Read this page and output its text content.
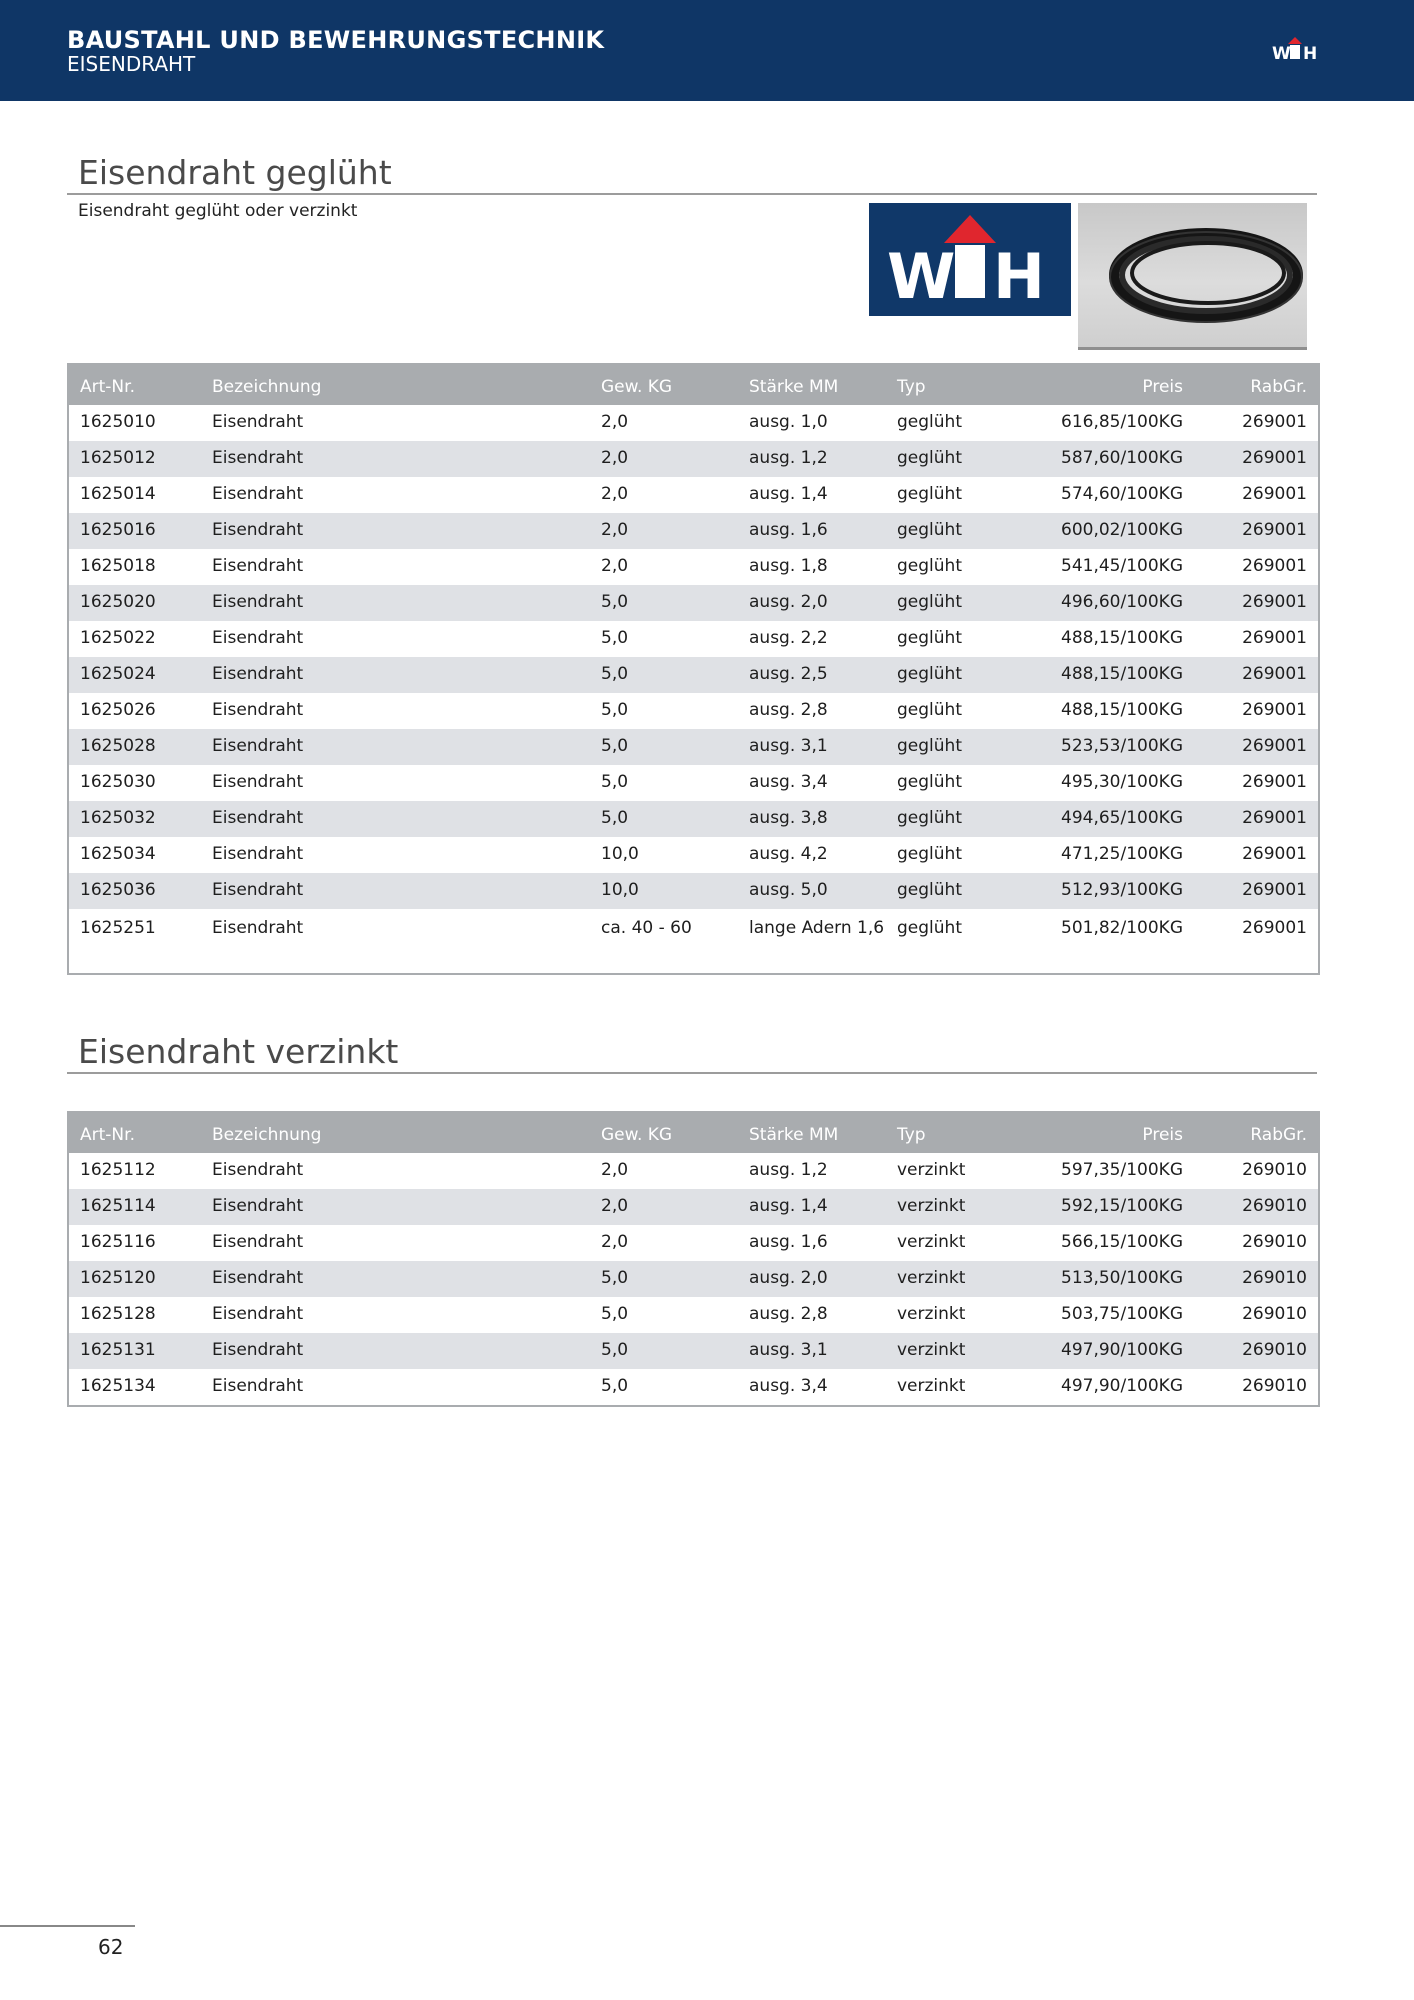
BAUSTAHL UND BEWEHRUNGSTECHNIK
EISENDRAHT	W H
Eisendraht geglüht
Eisendraht geglüht oder verzinkt
W H
Art-Nr.	Bezeichnung	Gew. KG	Stärke MM	Typ	Preis	RabGr.
1625010	Eisendraht	2,0	ausg. 1,0	geglüht	616,85/100KG	269001
1625012	Eisendraht	2,0	ausg. 1,2	geglüht	587,60/100KG	269001
1625014	Eisendraht	2,0	ausg. 1,4	geglüht	574,60/100KG	269001
1625016	Eisendraht	2,0	ausg. 1,6	geglüht	600,02/100KG	269001
1625018	Eisendraht	2,0	ausg. 1,8	geglüht	541,45/100KG	269001
1625020	Eisendraht	5,0	ausg. 2,0	geglüht	496,60/100KG	269001
1625022	Eisendraht	5,0	ausg. 2,2	geglüht	488,15/100KG	269001
1625024	Eisendraht	5,0	ausg. 2,5	geglüht	488,15/100KG	269001
1625026	Eisendraht	5,0	ausg. 2,8	geglüht	488,15/100KG	269001
1625028	Eisendraht	5,0	ausg. 3,1	geglüht	523,53/100KG	269001
1625030	Eisendraht	5,0	ausg. 3,4	geglüht	495,30/100KG	269001
1625032	Eisendraht	5,0	ausg. 3,8	geglüht	494,65/100KG	269001
1625034	Eisendraht	10,0	ausg. 4,2	geglüht	471,25/100KG	269001
1625036	Eisendraht	10,0	ausg. 5,0	geglüht	512,93/100KG	269001
1625251	Eisendraht	ca. 40 - 60	lange Adern 1,6	geglüht	501,82/100KG	269001
Eisendraht verzinkt
Art-Nr.	Bezeichnung	Gew. KG	Stärke MM	Typ	Preis	RabGr.
1625112	Eisendraht	2,0	ausg. 1,2	verzinkt	597,35/100KG	269010
1625114	Eisendraht	2,0	ausg. 1,4	verzinkt	592,15/100KG	269010
1625116	Eisendraht	2,0	ausg. 1,6	verzinkt	566,15/100KG	269010
1625120	Eisendraht	5,0	ausg. 2,0	verzinkt	513,50/100KG	269010
1625128	Eisendraht	5,0	ausg. 2,8	verzinkt	503,75/100KG	269010
1625131	Eisendraht	5,0	ausg. 3,1	verzinkt	497,90/100KG	269010
1625134	Eisendraht	5,0	ausg. 3,4	verzinkt	497,90/100KG	269010
62
